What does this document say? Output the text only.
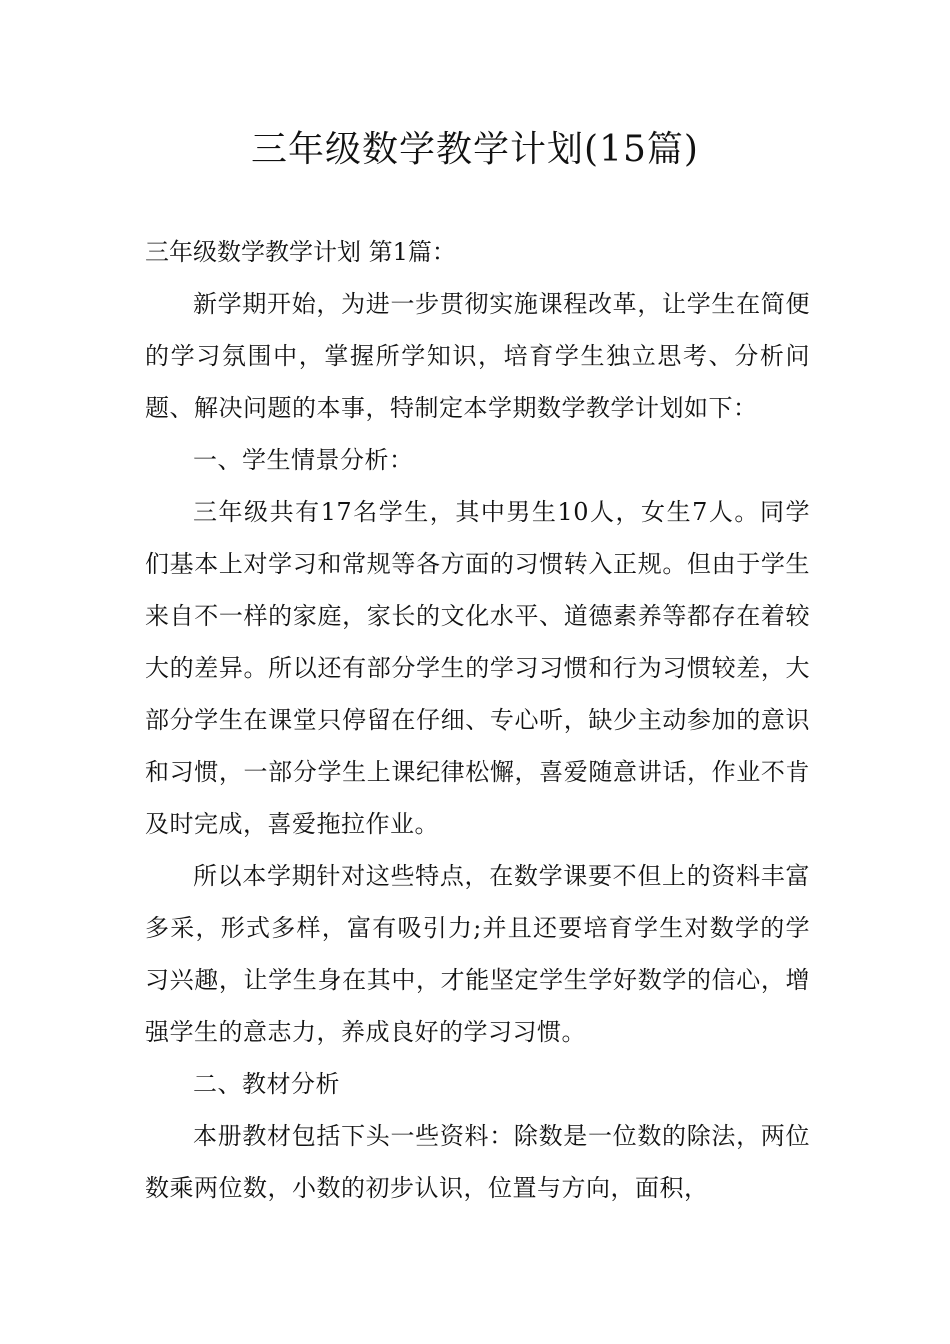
三年级数学教学计划(15篇)

三年级数学教学计划 第1篇：

新学期开始，为进一步贯彻实施课程改革，让学生在简便的学习氛围中，掌握所学知识，培育学生独立思考、分析问题、解决问题的本事，特制定本学期数学教学计划如下：

一、学生情景分析：

三年级共有17名学生，其中男生10人，女生7人。同学们基本上对学习和常规等各方面的习惯转入正规。但由于学生来自不一样的家庭，家长的文化水平、道德素养等都存在着较大的差异。所以还有部分学生的学习习惯和行为习惯较差，大部分学生在课堂只停留在仔细、专心听，缺少主动参加的意识和习惯，一部分学生上课纪律松懈，喜爱随意讲话，作业不肯及时完成，喜爱拖拉作业。

所以本学期针对这些特点，在数学课要不但上的资料丰富多采，形式多样，富有吸引力;并且还要培育学生对数学的学习兴趣，让学生身在其中，才能坚定学生学好数学的信心，增强学生的意志力，养成良好的学习习惯。

二、教材分析

本册教材包括下头一些资料：除数是一位数的除法，两位数乘两位数，小数的初步认识，位置与方向，面积，
